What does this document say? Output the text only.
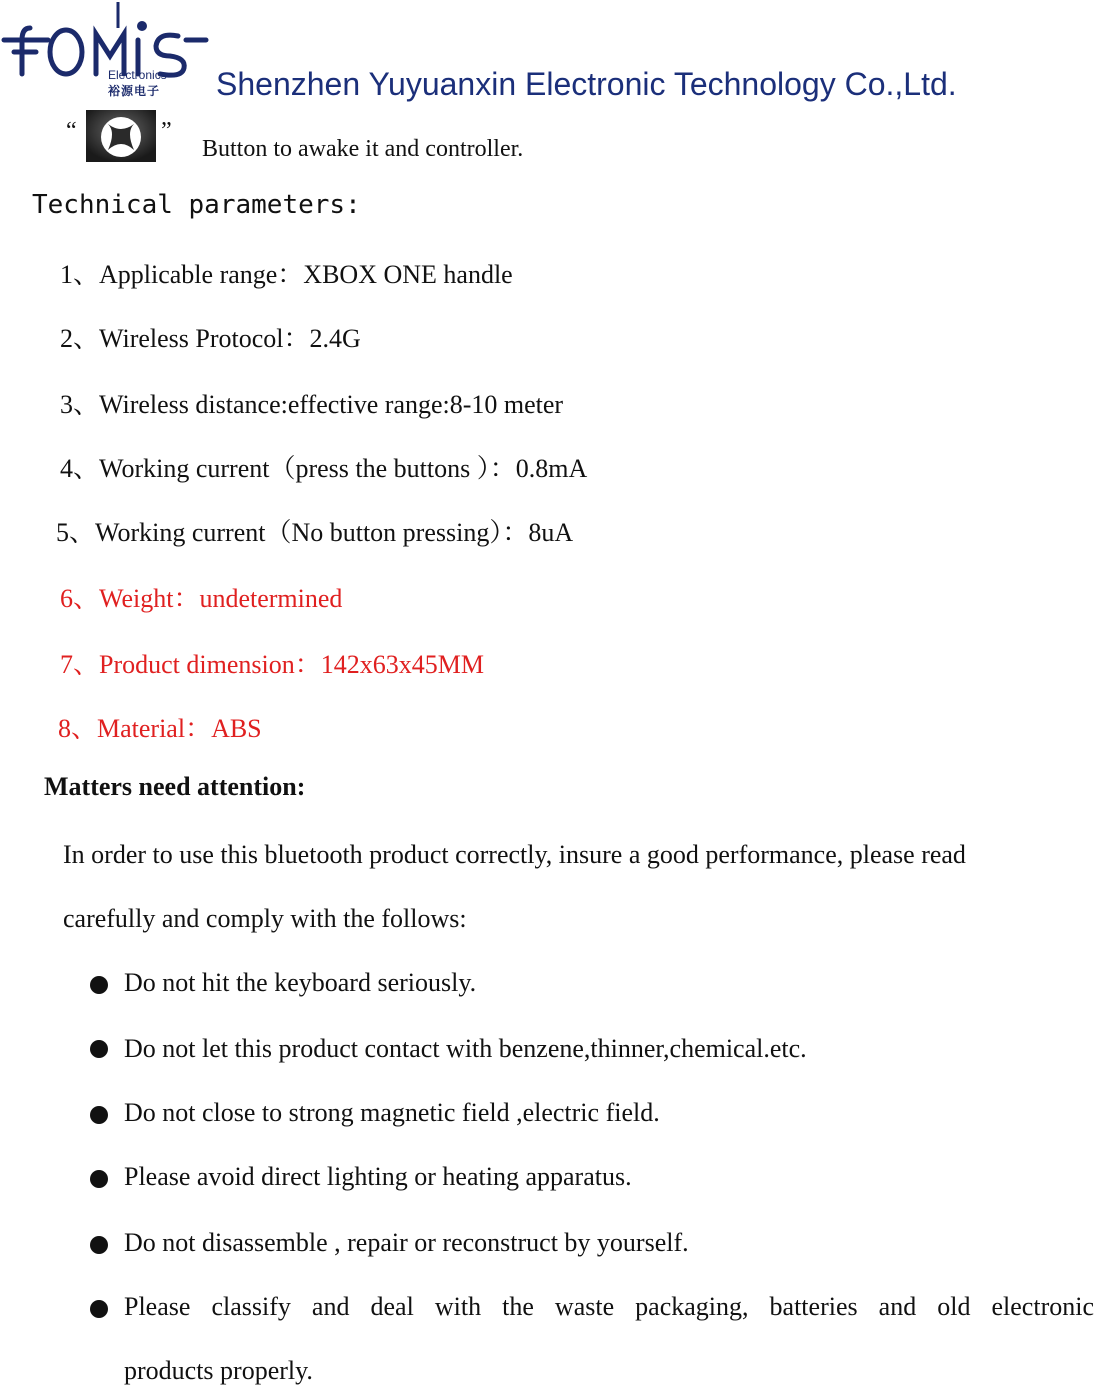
Electronics
裕源电子 Shenzhen Yuyuanxin Electronic Technology Co.,Ltd.
“	”
Button to awake it and controller.
Technical parameters:
1、Applicable range：XBOX ONE handle
2、Wireless Protocol：2.4G
3、Wireless distance:effective range:8-10 meter
4、Working current（press the buttons ）：0.8mA
5、Working current（No button pressing）：8uA
6、Weight：undetermined
7、Product dimension：142x63x45MM
8、Material：ABS
Matters need attention:
In order to use this bluetooth product correctly, insure a good performance, please read
carefully and comply with the follows:
Do not hit the keyboard seriously.
Do not let this product contact with benzene,thinner,chemical.etc.
Do not close to strong magnetic field ,electric field.
Please avoid direct lighting or heating apparatus.
Do not disassemble , repair or reconstruct by yourself.
Please classify and deal with the waste packaging, batteries and old electronic
products properly.
